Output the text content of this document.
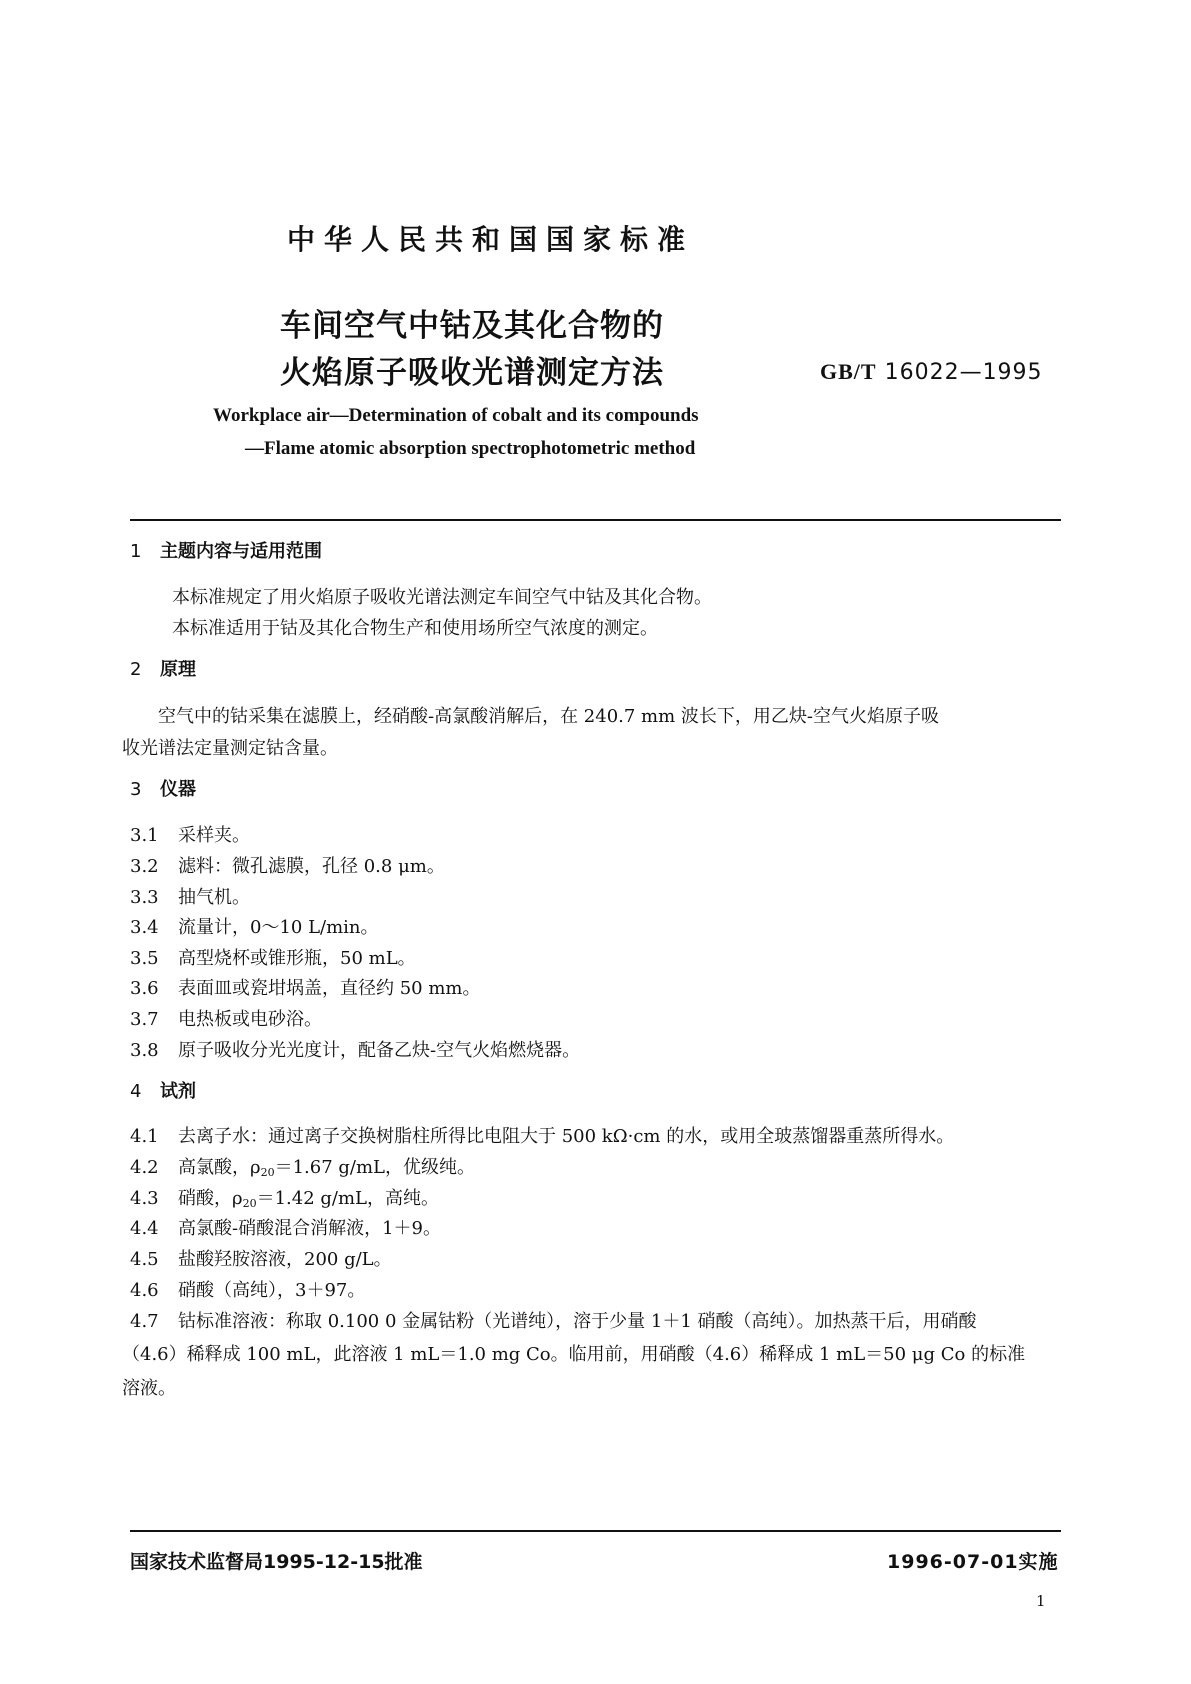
中华人民共和国国家标准
车间空气中钴及其化合物的
火焰原子吸收光谱测定方法	GB/T 16022—1995
Workplace air—Determination of cobalt and its compounds
—Flame atomic absorption spectrophotometric method
1 主题内容与适用范围
本标准规定了用火焰原子吸收光谱法测定车间空气中钴及其化合物。
本标准适用于钴及其化合物生产和使用场所空气浓度的测定。
2 原理
空气中的钴采集在滤膜上，经硝酸-高氯酸消解后，在 240.7 mm 波长下，用乙炔-空气火焰原子吸
收光谱法定量测定钴含量。
3 仪器
3.1 采样夹。
3.2 滤料：微孔滤膜，孔径 0.8 μm。
3.3 抽气机。
3.4 流量计，0～10 L/min。
3.5 高型烧杯或锥形瓶，50 mL。
3.6 表面皿或瓷坩埚盖，直径约 50 mm。
3.7 电热板或电砂浴。
3.8 原子吸收分光光度计，配备乙炔-空气火焰燃烧器。
4 试剂
4.1 去离子水：通过离子交换树脂柱所得比电阻大于 500 kΩ·cm 的水，或用全玻蒸馏器重蒸所得水。
4.2 高氯酸，$\rho_{20}=1.67$ g/mL，优级纯。
4.3 硝酸，$\rho_{20}=1.42$ g/mL，高纯。
4.4 高氯酸-硝酸混合消解液，1＋9。
4.5 盐酸羟胺溶液，200 g/L。
4.6 硝酸（高纯），3＋97。
4.7 钴标准溶液：称取 0.100 0 金属钴粉（光谱纯），溶于少量 1＋1 硝酸（高纯）。加热蒸干后，用硝酸
（4.6）稀释成 100 mL，此溶液 1 mL＝1.0 mg Co。临用前，用硝酸（4.6）稀释成 1 mL＝50 μg Co 的标准
溶液。
国家技术监督局1995-12-15批准	1996-07-01实施
1
